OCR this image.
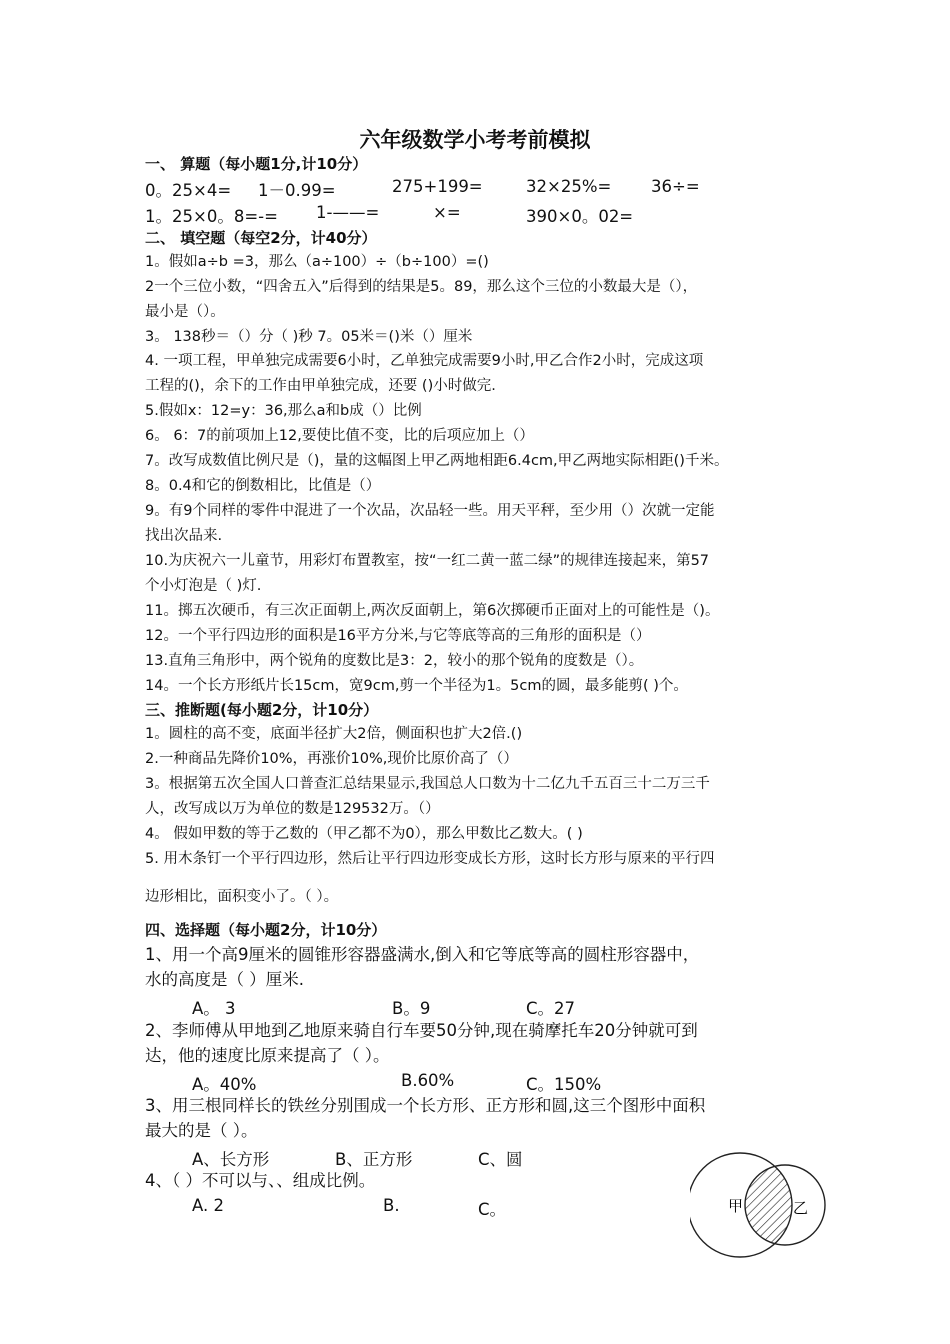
六年级数学小考考前模拟
一、 算题（每小题1分,计10分）
0。25×4= 1－0.99=	275+199=	32×25%= 36÷=
1。25×0。8=-= 1-——=	×=	390×0。02=
二、 填空题（每空2分，计40分）
1。假如a÷b =3，那么（a÷100）÷（b÷100）=()
2一个三位小数，“四舍五入”后得到的结果是5。89，那么这个三位的小数最大是（），
最小是（）。
3。 138秒＝（）分（ )秒 7。05米＝()米（）厘米
4. 一项工程，甲单独完成需要6小时，乙单独完成需要9小时,甲乙合作2小时，完成这项
工程的()，余下的工作由甲单独完成，还要 ()小时做完.
5.假如x：12=y：36,那么a和b成（）比例
6。 6：7的前项加上12,要使比值不变，比的后项应加上（）
7。改写成数值比例尺是（)，量的这幅图上甲乙两地相距6.4cm,甲乙两地实际相距()千米。
8。0.4和它的倒数相比，比值是（）
9。有9个同样的零件中混进了一个次品，次品轻一些。用天平秤，至少用（）次就一定能
找出次品来.
10.为庆祝六一儿童节，用彩灯布置教室，按“一红二黄一蓝二绿”的规律连接起来，第57
个小灯泡是（ )灯.
11。掷五次硬币，有三次正面朝上,两次反面朝上，第6次掷硬币正面对上的可能性是（)。
12。一个平行四边形的面积是16平方分米,与它等底等高的三角形的面积是（）
13.直角三角形中，两个锐角的度数比是3：2，较小的那个锐角的度数是（）。
14。一个长方形纸片长15cm，宽9cm,剪一个半径为1。5cm的圆，最多能剪( )个。
三、推断题(每小题2分，计10分）
1。圆柱的高不变，底面半径扩大2倍，侧面积也扩大2倍.()
2.一种商品先降价10%，再涨价10%,现价比原价高了（）
3。根据第五次全国人口普查汇总结果显示,我国总人口数为十二亿九千五百三十二万三千
人，改写成以万为单位的数是129532万。（）
4。 假如甲数的等于乙数的（甲乙都不为0），那么甲数比乙数大。( )
5. 用木条钉一个平行四边形，然后让平行四边形变成长方形，这时长方形与原来的平行四
边形相比，面积变小了。（ ）。
四、选择题（每小题2分，计10分）
1、用一个高9厘米的圆锥形容器盛满水,倒入和它等底等高的圆柱形容器中，
水的高度是（ ）厘米.
A。 3	B。9	C。27
2、李师傅从甲地到乙地原来骑自行车要50分钟,现在骑摩托车20分钟就可到
达，他的速度比原来提高了（ ）。
A。40%	B.60%	C。150%
3、用三根同样长的铁丝分别围成一个长方形、正方形和圆,这三个图形中面积
最大的是（ ）。
A、长方形	B、正方形	C、圆
4、（ ）不可以与、、组成比例。
A. 2	B.	C。	甲	乙
